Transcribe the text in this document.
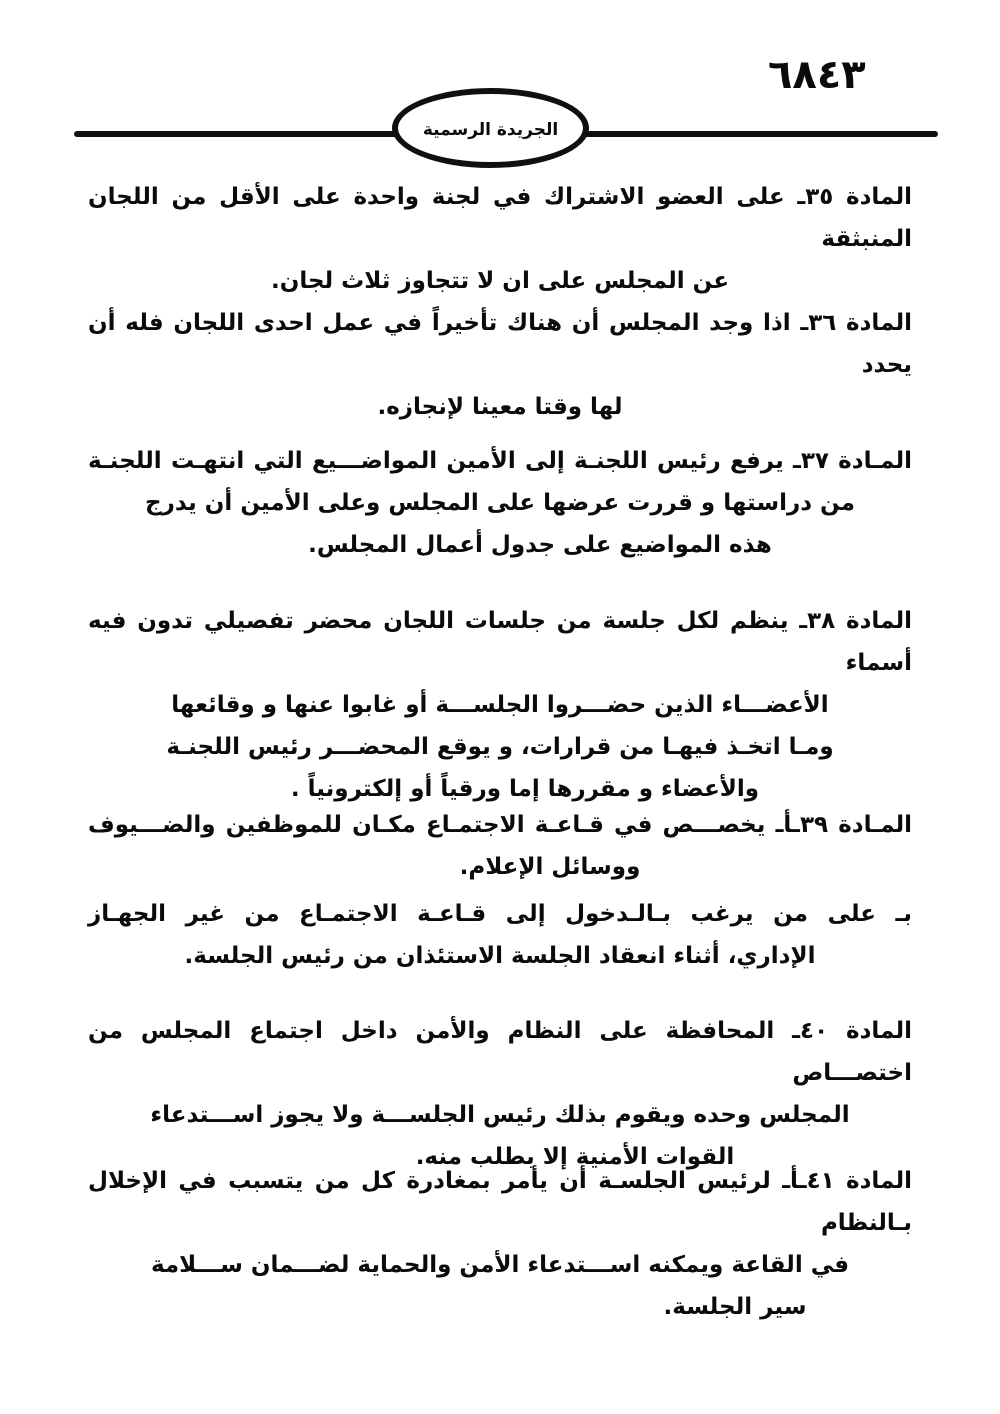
٦٨٤٣
الجريدة الرسمية
المادة ٣٥ـ على العضو الاشتراك في لجنة واحدة على الأقل من اللجان المنبثقة
عن المجلس على ان لا تتجاوز ثلاث لجان.
المادة ٣٦ـ اذا وجد المجلس أن هناك تأخيراً في عمل احدى اللجان فله أن يحدد
لها وقتا معينا لإنجازه.
المـادة ٣٧ـ يرفع رئيس اللجنـة إلى الأمين المواضـــيع التي انتهـت اللجنـة
من دراستها و قررت عرضها على المجلس وعلى الأمين أن يدرج
هذه المواضيع على جدول أعمال المجلس.
المادة ٣٨ـ ينظم لكل جلسة من جلسات اللجان محضر تفصيلي تدون فيه أسماء
الأعضـــاء الذين حضـــروا الجلســـة أو غابوا عنها و وقائعها
ومـا اتخـذ فيهـا من قرارات، و يوقع المحضـــر رئيس اللجنـة
والأعضاء و مقررها إما ورقياً أو إلكترونياً .
المـادة ٣٩ـأـ يخصـــص في قـاعـة الاجتمـاع مكـان للموظفين والضـــيوف
ووسائل الإعلام.
بـ على من يرغب بـالـدخول إلى قـاعـة الاجتمـاع من غير الجهـاز
الإداري، أثناء انعقاد الجلسة الاستئذان من رئيس الجلسة.
المادة ٤٠ـ المحافظة على النظام والأمن داخل اجتماع المجلس من اختصـــاص
المجلس وحده ويقوم بذلك رئيس الجلســـة ولا يجوز اســـتدعاء
القوات الأمنية إلا بطلب منه.
المادة ٤١ـأـ لرئيس الجلسـة أن يأمر بمغادرة كل من يتسبب في الإخلال بـالنظام
في القاعة ويمكنه اســـتدعاء الأمن والحماية لضـــمان ســـلامة
سير الجلسة.
